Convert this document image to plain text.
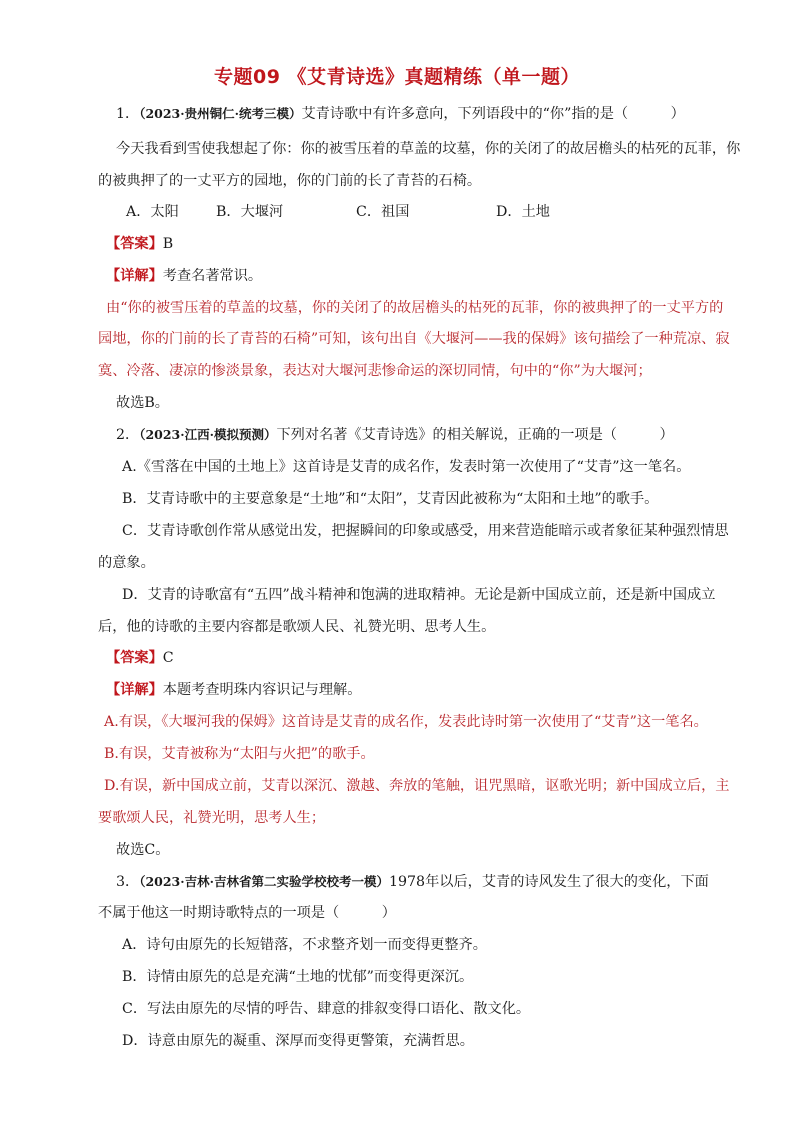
专题09 《艾青诗选》真题精练（单一题）
1．（2023·贵州铜仁·统考三模）艾青诗歌中有许多意向，下列语段中的“你”指的是（　　　）
今天我看到雪使我想起了你：你的被雪压着的草盖的坟墓，你的关闭了的故居檐头的枯死的瓦菲，你
的被典押了的一丈平方的园地，你的门前的长了青苔的石椅。
A．太阳	B．大堰河	C．祖国	D．土地
【答案】B
【详解】考查名著常识。
由“你的被雪压着的草盖的坟墓，你的关闭了的故居檐头的枯死的瓦菲，你的被典押了的一丈平方的
园地，你的门前的长了青苔的石椅”可知，该句出自《大堰河——我的保姆》该句描绘了一种荒凉、寂
寞、冷落、凄凉的惨淡景象，表达对大堰河悲惨命运的深切同情，句中的“你”为大堰河；
故选B。
2．（2023·江西·模拟预测）下列对名著《艾青诗选》的相关解说，正确的一项是（　　　）
A.《雪落在中国的土地上》这首诗是艾青的成名作，发表时第一次使用了“艾青”这一笔名。
B．艾青诗歌中的主要意象是“土地”和“太阳”，艾青因此被称为“太阳和土地”的歌手。
C．艾青诗歌创作常从感觉出发，把握瞬间的印象或感受，用来营造能暗示或者象征某种强烈情思
的意象。
D．艾青的诗歌富有“五四”战斗精神和饱满的进取精神。无论是新中国成立前，还是新中国成立
后，他的诗歌的主要内容都是歌颂人民、礼赞光明、思考人生。
【答案】C
【详解】本题考查明珠内容识记与理解。
A.有误，《大堰河我的保姆》这首诗是艾青的成名作，发表此诗时第一次使用了“艾青”这一笔名。
B.有误，艾青被称为“太阳与火把”的歌手。
D.有误，新中国成立前，艾青以深沉、激越、奔放的笔触，诅咒黑暗，讴歌光明；新中国成立后，主
要歌颂人民，礼赞光明，思考人生；
故选C。
3．（2023·吉林·吉林省第二实验学校校考一模）1978年以后，艾青的诗风发生了很大的变化，下面
不属于他这一时期诗歌特点的一项是（　　　）
A．诗句由原先的长短错落，不求整齐划一而变得更整齐。
B．诗情由原先的总是充满“土地的忧郁”而变得更深沉。
C．写法由原先的尽情的呼告、肆意的排叙变得口语化、散文化。
D．诗意由原先的凝重、深厚而变得更警策，充满哲思。
